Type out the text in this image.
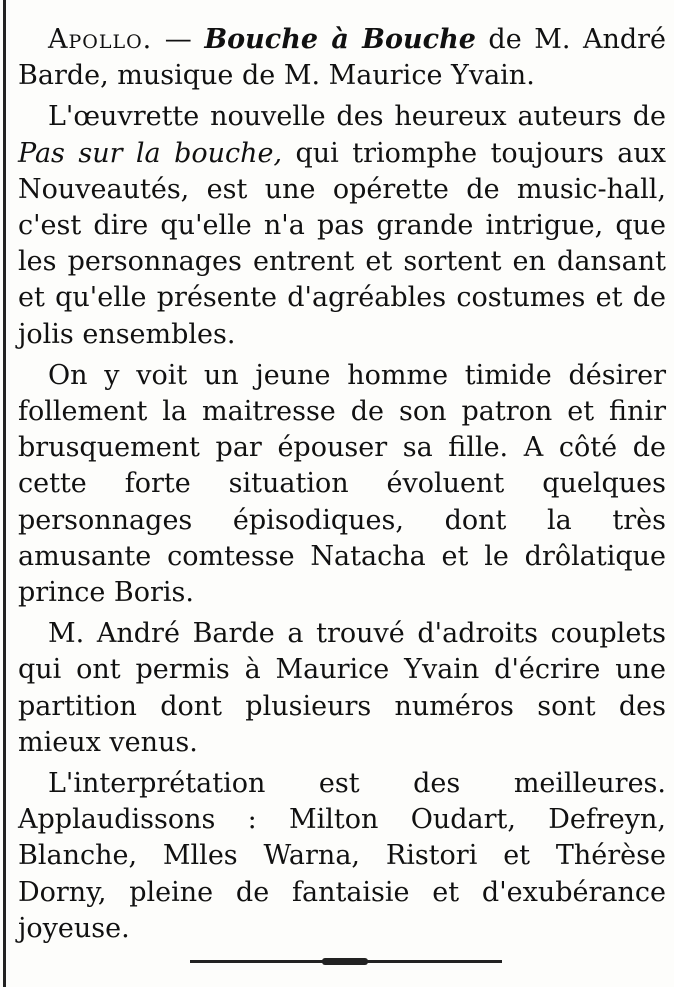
Apollo. — Bouche à Bouche de M. André Barde, musique de M. Maurice Yvain.

L'œuvrette nouvelle des heureux auteurs de Pas sur la bouche, qui triomphe toujours aux Nouveautés, est une opérette de music-hall, c'est dire qu'elle n'a pas grande intrigue, que les personnages entrent et sortent en dansant et qu'elle présente d'agréables costumes et de jolis ensembles.

On y voit un jeune homme timide désirer follement la maitresse de son patron et finir brusquement par épouser sa fille. A côté de cette forte situation évoluent quelques personnages épisodiques, dont la très amusante comtesse Natacha et le drôlatique prince Boris.

M. André Barde a trouvé d'adroits couplets qui ont permis à Maurice Yvain d'écrire une partition dont plusieurs numéros sont des mieux venus.

L'interprétation est des meilleures. Applaudissons : Milton Oudart, Defreyn, Blanche, Mlles Warna, Ristori et Thérèse Dorny, pleine de fantaisie et d'exubérance joyeuse.
